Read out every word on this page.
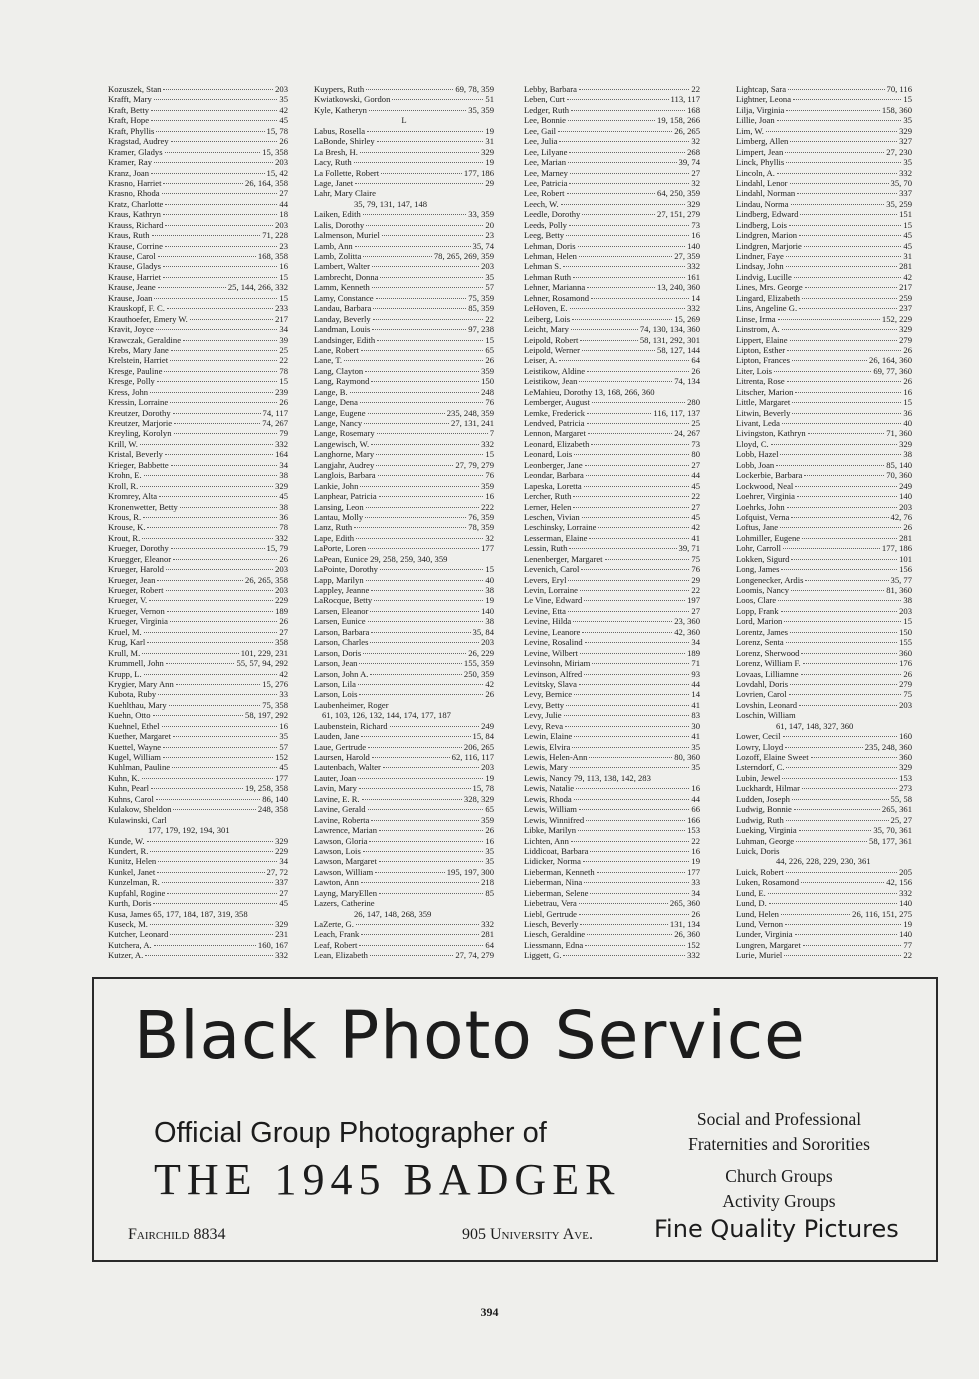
Kozuszek, Stan	203
Krafft, Mary	35
Kraft, Betty	42
Kraft, Hope	45
Kraft, Phyllis	15, 78
Kragstad, Audrey	26
Kramer, Gladys	15, 358
Kramer, Ray	203
Kranz, Joan	15, 42
Krasno, Harriet	26, 164, 358
Krasno, Rhoda	27
Kratz, Charlotte	44
Kraus, Kathryn	18
Krauss, Richard	203
Kraus, Ruth	71, 228
Krause, Corrine	23
Krause, Carol	168, 358
Krause, Gladys	16
Krause, Harriet	15
Krause, Jeane	25, 144, 266, 332
Krause, Joan	15
Krauskopf, F. C.	233
Krauthoefer, Emery W.	217
Kravit, Joyce	34
Krawczak, Geraldine	39
Krebs, Mary Jane	25
Krelstein, Harriet	22
Kresge, Pauline	78
Kresge, Polly	15
Kress, John	239
Kressin, Lorraine	26
Kreutzer, Dorothy	74, 117
Kreutzer, Marjorie	74, 267
Kreyling, Korolyn	79
Krill, W.	332
Kristal, Beverly	164
Krieger, Babbette	34
Krohn, E.	38
Kroll, R.	329
Kromrey, Alta	45
Kronenwetter, Betty	38
Krous, R.	36
Krouse, K.	78
Krout, R.	332
Krueger, Dorothy	15, 79
Kruegger, Eleanor	26
Krueger, Harold	203
Krueger, Jean	26, 265, 358
Krueger, Robert	203
Krueger, V.	229
Krueger, Vernon	189
Krueger, Virginia	26
Kruel, M.	27
Krug, Karl	358
Krull, M.	101, 229, 231
Krummell, John	55, 57, 94, 292
Krupp, L.	42
Krygier, Mary Ann	15, 276
Kubota, Ruby	33
Kuehlthau, Mary	75, 358
Kuehn, Otto	58, 197, 292
Kuehnel, Ethel	16
Kuether, Margaret	35
Kuettel, Wayne	57
Kugel, William	152
Kuhlman, Pauline	45
Kuhn, K.	177
Kuhn, Pearl	19, 258, 358
Kuhns, Carol	86, 140
Kulakow, Sheldon	248, 358
Kulawinski, Carl
177, 179, 192, 194, 301
Kunde, W.	329
Kundert, R.	229
Kunitz, Helen	34
Kunkel, Janet	27, 72
Kunzelman, R.	337
Kupfahl, Rogine	27
Kurth, Doris	45
Kusa, James 65, 177, 184, 187, 319, 358
Kuseck, M.	329
Kutcher, Leonard	231
Kutchera, A.	160, 167
Kutzer, A.	332
Kuypers, Ruth	69, 78, 359
Kwiatkowski, Gordon	51
Kyle, Katheryn	35, 359
L
Labus, Rosella	19
LaBonde, Shirley	31
La Bresh, H.	329
Lacy, Ruth	19
La Follette, Robert	177, 186
Lage, Janet	29
Lahr, Mary Claire
35, 79, 131, 147, 148
Laiken, Edith	33, 359
Lalis, Dorothy	20
Lalmenson, Muriel	23
Lamb, Ann	35, 74
Lamb, Zolitta	78, 265, 269, 359
Lambert, Walter	203
Lambrecht, Donna	35
Lamm, Kenneth	57
Lamy, Constance	75, 359
Landau, Barbara	85, 359
Landay, Beverly	22
Landman, Louis	97, 238
Landsinger, Edith	15
Lane, Robert	65
Lane, T.	26
Lang, Clayton	359
Lang, Raymond	150
Lange, B.	248
Lange, Dena	76
Lange, Eugene	235, 248, 359
Lange, Nancy	27, 131, 241
Lange, Rosemary	7
Langewisch, W.	332
Langhorne, Mary	15
Langjahr, Audrey	27, 79, 279
Langlois, Barbara	76
Lankie, John	359
Lanphear, Patricia	16
Lansing, Leon	222
Lantau, Molly	76, 359
Lanz, Ruth	78, 359
Lape, Edith	32
LaPorte, Loren	177
LaPean, Eunice 29, 258, 259, 340, 359
LaPointe, Dorothy	15
Lapp, Marilyn	40
Lappley, Jeanne	38
LaRocque, Betty	19
Larsen, Eleanor	140
Larsen, Eunice	38
Larson, Barbara	35, 84
Larson, Charles	203
Larson, Doris	26, 229
Larson, Jean	155, 359
Larson, John A.	250, 359
Larson, Lila	42
Larson, Lois	26
Laubenheimer, Roger
61, 103, 126, 132, 144, 174, 177, 187
Laubenstein, Richard	249
Lauden, Jane	15, 84
Laue, Gertrude	206, 265
Laursen, Harold	62, 116, 117
Lautenbach, Walter	203
Lauter, Joan	19
Lavin, Mary	15, 78
Lavine, E. R.	328, 329
Lavine, Gerald	65
Lavine, Roberta	359
Lawrence, Marian	26
Lawson, Gloria	16
Lawson, Lois	35
Lawson, Margaret	35
Lawson, William	195, 197, 300
Lawton, Ann	218
Layng, MaryEllen	85
Lazers, Catherine
26, 147, 148, 268, 359
LaZerte, G.	332
Leach, Frank	281
Leaf, Robert	64
Lean, Elizabeth	27, 74, 279
Lebby, Barbara	22
Leben, Curt	113, 117
Ledger, Ruth	168
Lee, Bonnie	19, 158, 266
Lee, Gail	26, 265
Lee, Julia	32
Lee, Lilyane	268
Lee, Marian	39, 74
Lee, Marney	27
Lee, Patricia	32
Lee, Robert	64, 250, 359
Leech, W.	329
Leedle, Dorothy	27, 151, 279
Leeds, Polly	73
Leeg, Betty	16
Lehman, Doris	140
Lehman, Helen	27, 359
Lehman S.	332
Lehman Ruth	161
Lehner, Marianna	13, 240, 360
Lehner, Rosamond	14
LeHoven, E.	332
Leiberg, Lois	15, 269
Leicht, Mary	74, 130, 134, 360
Leipold, Robert	58, 131, 292, 301
Leipold, Werner	58, 127, 144
Leiser, A.	64
Leistikow, Aldine	26
Leistikow, Jean	74, 134
LeMahieu, Dorothy 13, 168, 266, 360
Lemberger, August	280
Lemke, Frederick	116, 117, 137
Lendved, Patricia	25
Lennon, Margaret	24, 267
Leonard, Elizabeth	73
Leonard, Lois	80
Leonberger, Jane	27
Leondar, Barbara	44
Lapeska, Loretta	45
Lercher, Ruth	22
Lerner, Helen	27
Leschen, Vivian	45
Leschinsky, Lorraine	42
Lesserman, Elaine	41
Lessin, Ruth	39, 71
Lenenberger, Margaret	75
Levenich, Carol	76
Levers, Eryl	29
Levin, Lorraine	22
Le Vine, Edward	197
Levine, Etta	27
Levine, Hilda	23, 360
Levine, Leanore	42, 360
Levine, Rosalind	34
Levine, Wilbert	189
Levinsohn, Miriam	71
Levinson, Alfred	93
Levitsky, Slava	44
Levy, Bernice	14
Levy, Betty	41
Levy, Julie	83
Levy, Reva	30
Lewin, Elaine	41
Lewis, Elvira	35
Lewis, Helen-Ann	80, 360
Lewis, Mary	35
Lewis, Nancy 79, 113, 138, 142, 283
Lewis, Natalie	16
Lewis, Rhoda	44
Lewis, William	66
Lewis, Winnifred	166
Libke, Marilyn	153
Lichten, Ann	22
Liddicoat, Barbara	16
Lidicker, Norma	19
Lieberman, Kenneth	177
Lieberman, Nina	33
Lieberman, Selene	34
Liebetrau, Vera	265, 360
Liebl, Gertrude	26
Liesch, Beverly	131, 134
Liesch, Geraldine	26, 360
Liessmann, Edna	152
Liggett, G.	332
Lightcap, Sara	70, 116
Lightner, Leona	15
Lilja, Virginia	158, 360
Lillie, Joan	35
Lim, W.	329
Limberg, Allen	327
Limpert, Jean	27, 230
Linck, Phyllis	35
Lincoln, A.	332
Lindahl, Lenor	35, 70
Lindahl, Norman	337
Lindau, Norma	35, 259
Lindberg, Edward	151
Lindberg, Lois	15
Lindgren, Marion	45
Lindgren, Marjorie	45
Lindner, Faye	31
Lindsay, John	281
Lindvig, Lucille	42
Lines, Mrs. George	217
Lingard, Elizabeth	259
Lins, Angeline G.	237
Linse, Irma	152, 229
Linstrom, A.	329
Lippert, Elaine	279
Lipton, Esther	26
Lipton, Frances	26, 164, 360
Liter, Lois	69, 77, 360
Litrenta, Rose	26
Litscher, Marion	16
Little, Margaret	15
Litwin, Beverly	36
Livant, Leda	40
Livingston, Kathryn	71, 360
Lloyd, C.	329
Lobb, Hazel	38
Lobb, Joan	85, 140
Lockerbie, Barbara	70, 360
Lockwood, Neal	249
Loehrer, Virginia	140
Loehrks, John	203
Lofquist, Verna	42, 76
Loftus, Jane	26
Lohmiller, Eugene	281
Lohr, Carroll	177, 186
Lokken, Sigurd	101
Long, James	156
Longenecker, Ardis	35, 77
Loomis, Nancy	81, 360
Loos, Clare	38
Lopp, Frank	203
Lord, Marion	15
Lorentz, James	150
Lorenz, Senta	155
Lorenz, Sherwood	360
Lorenz, William F.	176
Lovaas, Lilliamne	26
Lovdahl, Doris	279
Lovrien, Carol	75
Lovshin, Leonard	203
Loschin, William
61, 147, 148, 327, 360
Lower, Cecil	160
Lowry, Lloyd	235, 248, 360
Lozoff, Elaine Sweet	360
Lsterndorf, C.	329
Lubin, Jewel	153
Luckhardt, Hilmar	273
Ludden, Joseph	55, 58
Ludwig, Bonnie	265, 361
Ludwig, Ruth	25, 27
Lueking, Virginia	35, 70, 361
Luhman, George	58, 177, 361
Luick, Doris
44, 226, 228, 229, 230, 361
Luick, Robert	205
Luken, Rosamond	42, 156
Lund, E.	332
Lund, D.	140
Lund, Helen	26, 116, 151, 275
Lund, Vernon	19
Lunder, Virginia	140
Lungren, Margaret	77
Lurie, Muriel	22
Black Photo Service
Official Group Photographer of
THE 1945 BADGER
Social and Professional
Fraternities and Sororities
Church Groups
Activity Groups
Fairchild 8834	905 University Ave.	Fine Quality Pictures
394
